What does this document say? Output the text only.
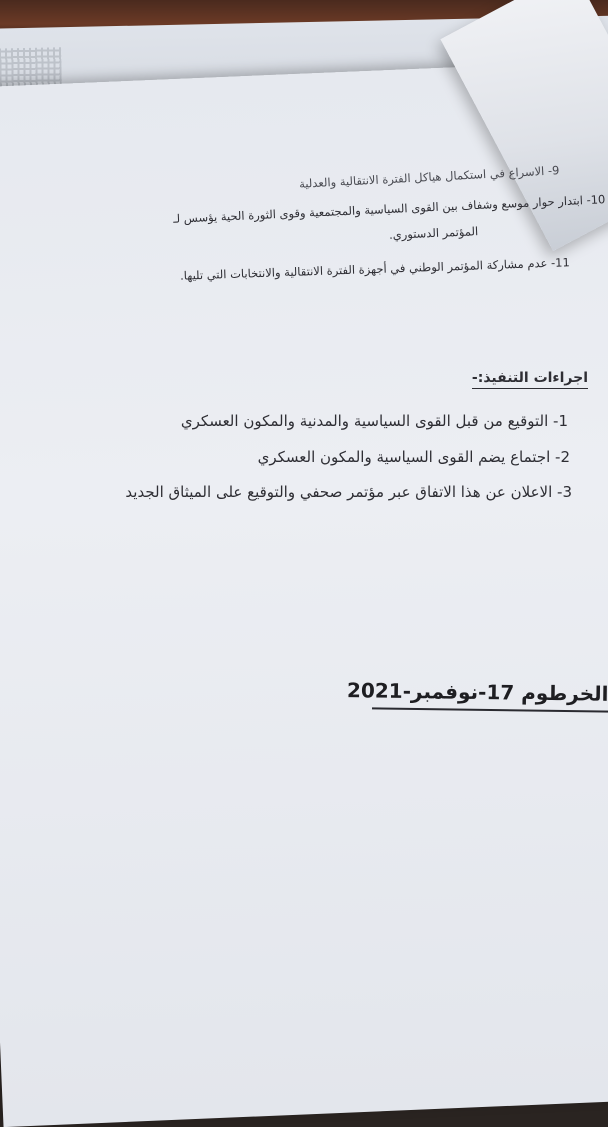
9- الاسراع في استكمال هياكل الفترة الانتقالية والعدلية
10- ابتدار حوار موسع وشفاف بين القوى السياسية والمجتمعية وقوى الثورة الحية يؤسس لـ
المؤتمر الدستوري.
11- عدم مشاركة المؤتمر الوطني في أجهزة الفترة الانتقالية والانتخابات التي تليها.
اجراءات التنفيذ:-
1- التوقيع من قبل القوى السياسية والمدنية والمكون العسكري
2- اجتماع يضم القوى السياسية والمكون العسكري
3- الاعلان عن هذا الاتفاق عبر مؤتمر صحفي والتوقيع على الميثاق الجديد
الخرطوم 17-نوفمبر-2021
